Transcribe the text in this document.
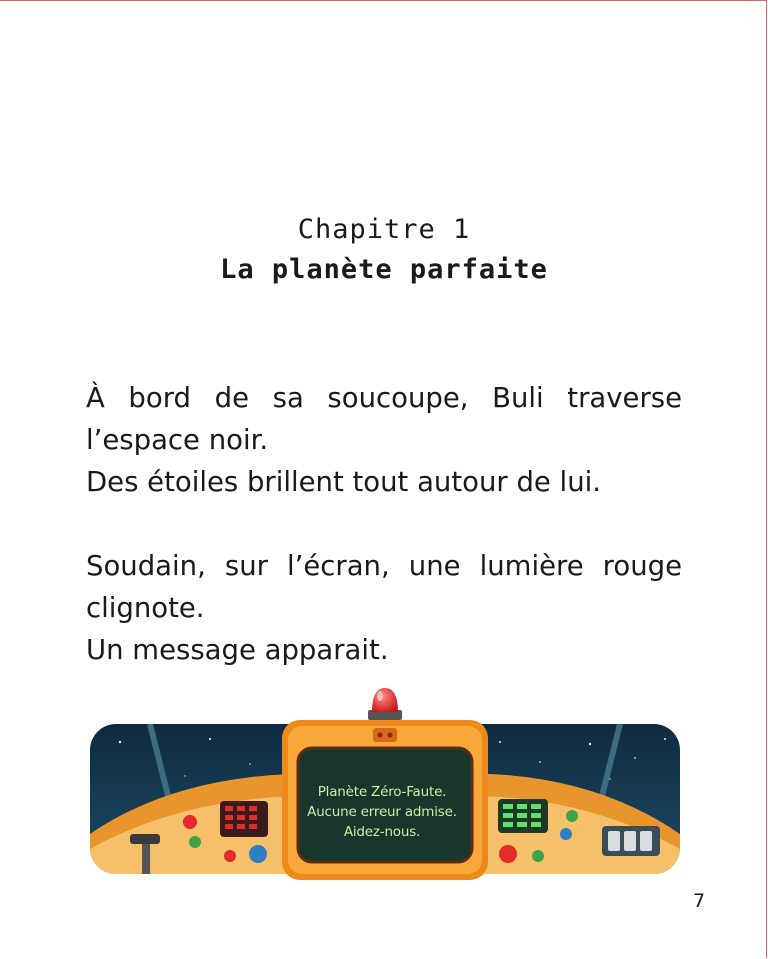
Chapitre 1
La planète parfaite

À bord de sa soucoupe, Buli traverse
l’espace noir.
Des étoiles brillent tout autour de lui.

Soudain, sur l’écran, une lumière rouge
clignote.
Un message apparait.

Planète Zéro-Faute.
Aucune erreur admise.
Aidez-nous.
7
